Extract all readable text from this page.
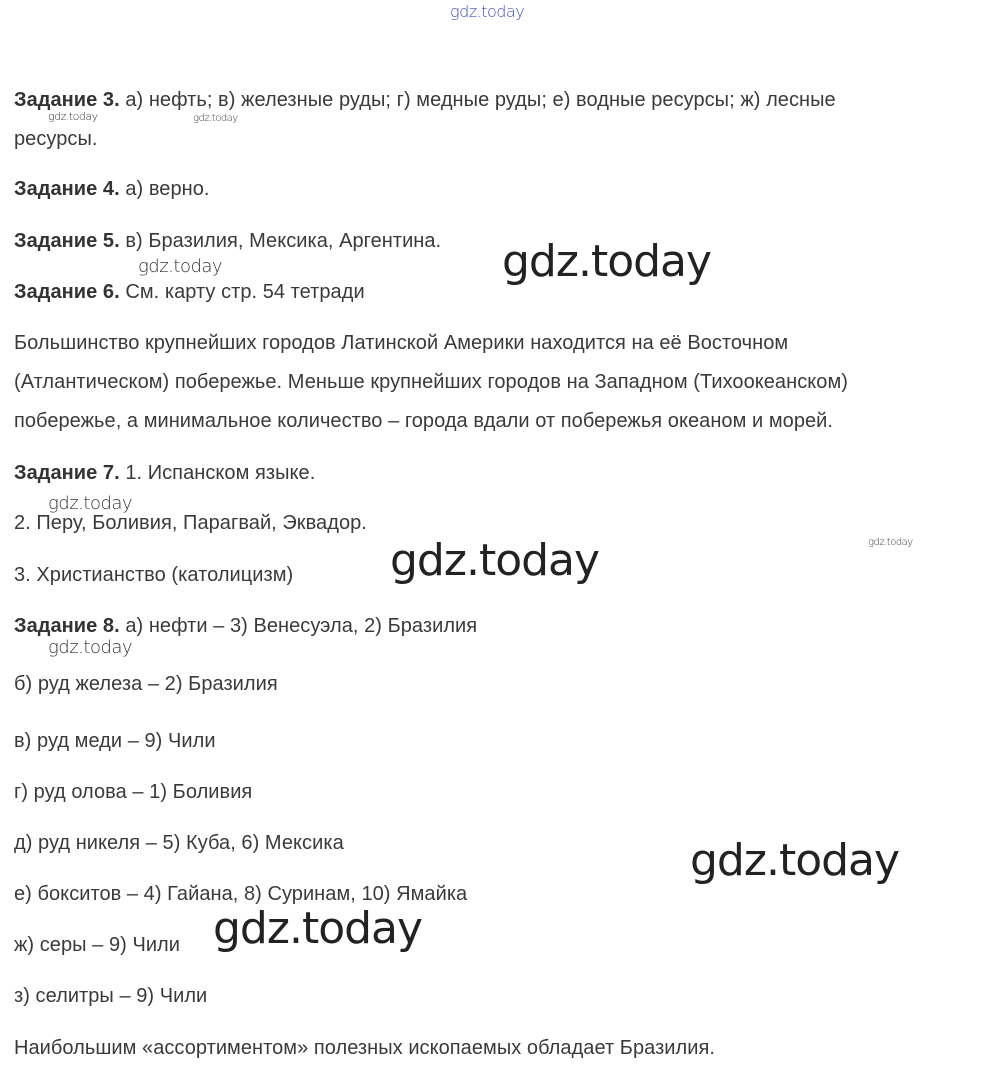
gdz.today
gdz.today	gdz.today
gdz.today	gdz.today
gdz.today
gdz.today
gdz.today
gdz.today
gdz.today
gdz.today
Задание 3. а) нефть; в) железные руды; г) медные руды; е) водные ресурсы; ж) лесные
ресурсы.
Задание 4. а) верно.
Задание 5. в) Бразилия, Мексика, Аргентина.
Задание 6. См. карту стр. 54 тетради
Большинство крупнейших городов Латинской Америки находится на её Восточном
(Атлантическом) побережье. Меньше крупнейших городов на Западном (Тихоокеанском)
побережье, а минимальное количество – города вдали от побережья океаном и морей.
Задание 7. 1. Испанском языке.
2. Перу, Боливия, Парагвай, Эквадор.
3. Христианство (католицизм)
Задание 8. а) нефти – 3) Венесуэла, 2) Бразилия
б) руд железа – 2) Бразилия
в) руд меди – 9) Чили
г) руд олова – 1) Боливия
д) руд никеля – 5) Куба, 6) Мексика
е) бокситов – 4) Гайана, 8) Суринам, 10) Ямайка
ж) серы – 9) Чили
з) селитры – 9) Чили
Наибольшим «ассортиментом» полезных ископаемых обладает Бразилия.
